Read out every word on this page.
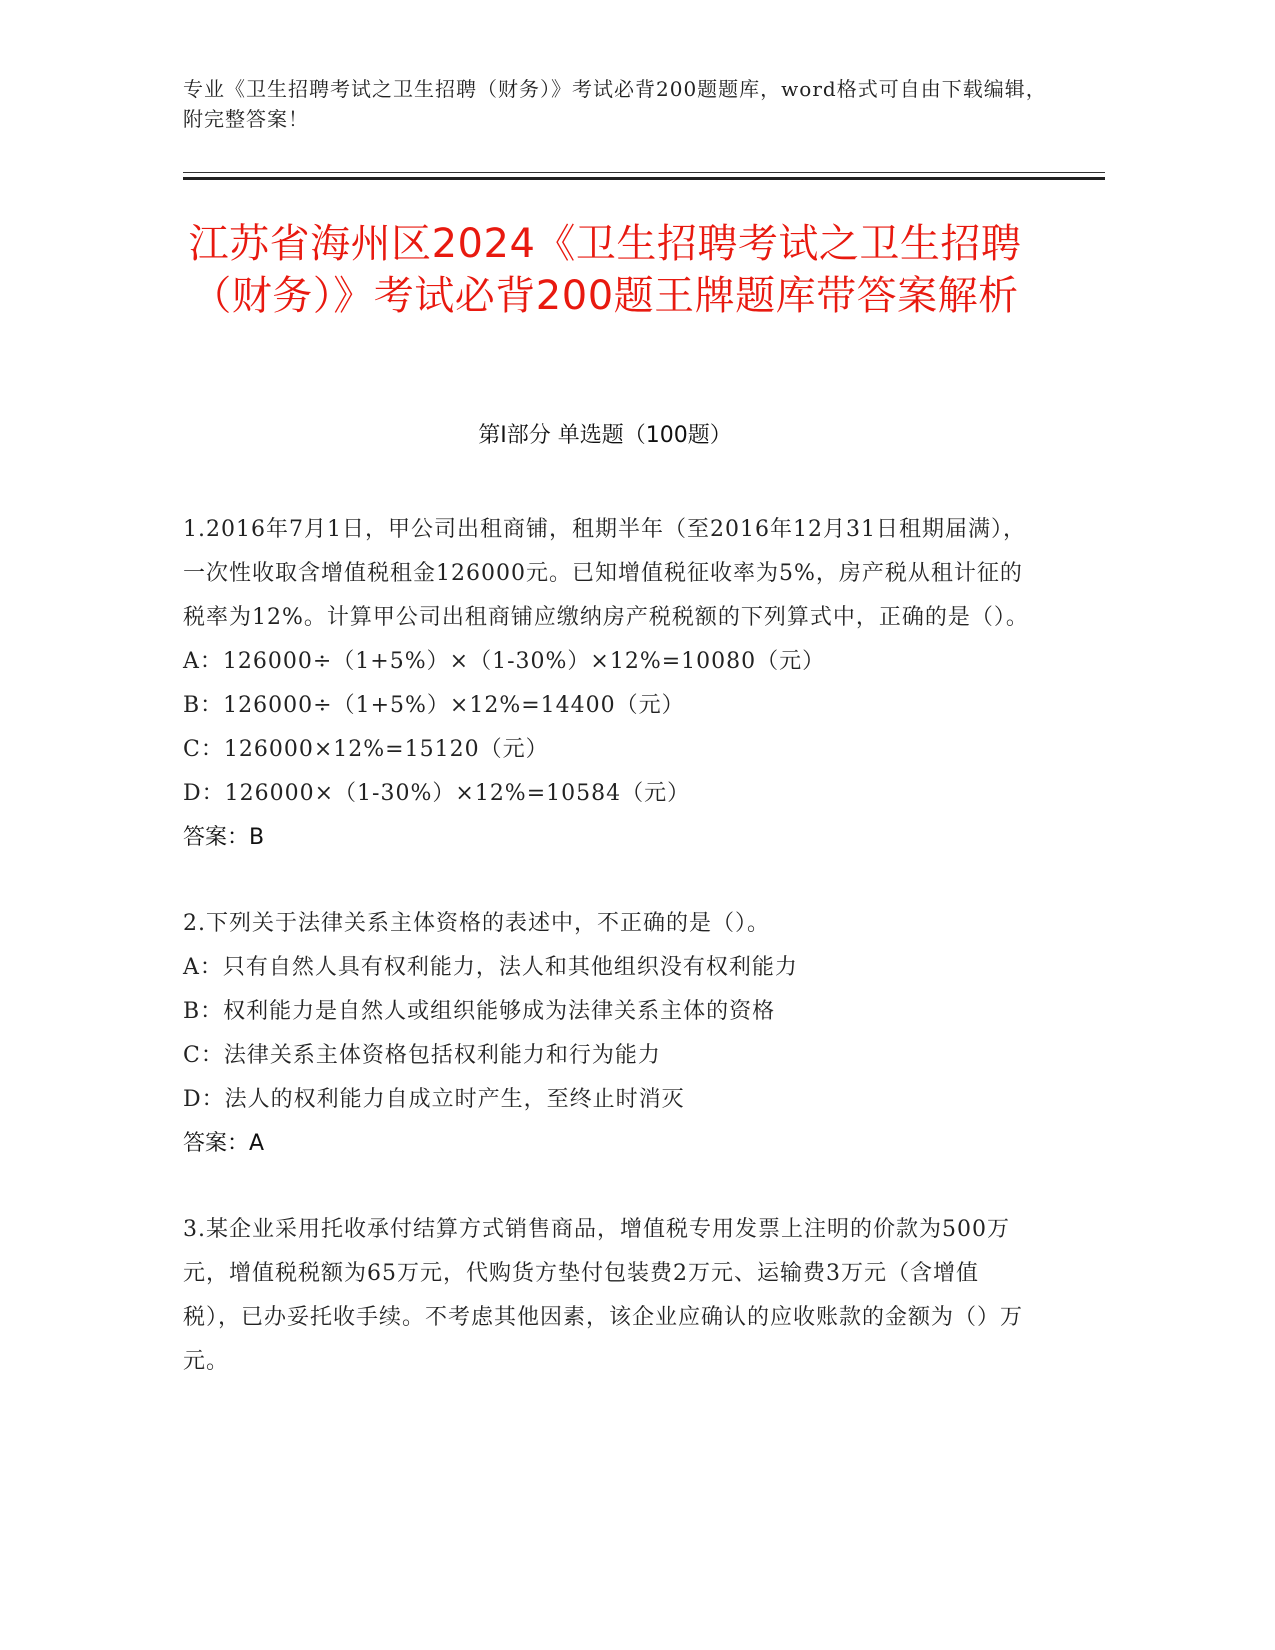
专业《卫生招聘考试之卫生招聘（财务）》考试必背200题题库，word格式可自由下载编辑，附完整答案！
江苏省海州区2024《卫生招聘考试之卫生招聘（财务）》考试必背200题王牌题库带答案解析
第Ⅰ部分 单选题（100题）

1.2016年7月1日，甲公司出租商铺，租期半年（至2016年12月31日租期届满），一次性收取含增值税租金126000元。已知增值税征收率为5%，房产税从租计征的税率为12%。计算甲公司出租商铺应缴纳房产税税额的下列算式中，正确的是（）。

A：126000÷（1+5%）×（1-30%）×12%=10080（元）

B：126000÷（1+5%）×12%=14400（元）

C：126000×12%=15120（元）

D：126000×（1-30%）×12%=10584（元）

答案：B

2.下列关于法律关系主体资格的表述中，不正确的是（）。

A：只有自然人具有权利能力，法人和其他组织没有权利能力

B：权利能力是自然人或组织能够成为法律关系主体的资格

C：法律关系主体资格包括权利能力和行为能力

D：法人的权利能力自成立时产生，至终止时消灭

答案：A

3.某企业采用托收承付结算方式销售商品，增值税专用发票上注明的价款为500万元，增值税税额为65万元，代购货方垫付包装费2万元、运输费3万元（含增值税），已办妥托收手续。不考虑其他因素，该企业应确认的应收账款的金额为（）万元。
